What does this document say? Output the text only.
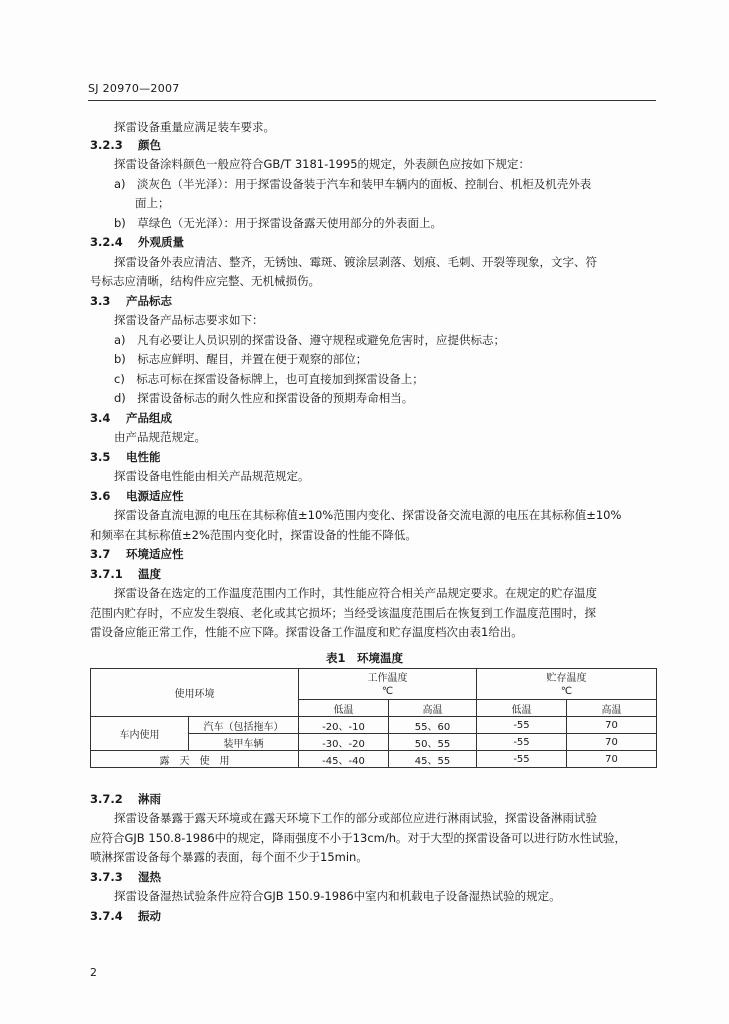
SJ 20970—2007
探雷设备重量应满足装车要求。
3.2.3 颜色
探雷设备涂料颜色一般应符合GB/T 3181-1995的规定，外表颜色应按如下规定：
a)　淡灰色（半光泽）：用于探雷设备装于汽车和装甲车辆内的面板、控制台、机柜及机壳外表
面上；
b)　草绿色（无光泽）：用于探雷设备露天使用部分的外表面上。
3.2.4 外观质量
探雷设备外表应清洁、整齐，无锈蚀、霉斑、镀涂层剥落、划痕、毛刺、开裂等现象，文字、符
号标志应清晰，结构件应完整、无机械损伤。
3.3 产品标志
探雷设备产品标志要求如下：
a)　凡有必要让人员识别的探雷设备、遵守规程或避免危害时，应提供标志；
b)　标志应鲜明、醒目，并置在便于观察的部位；
c)　标志可标在探雷设备标牌上，也可直接加到探雷设备上；
d)　探雷设备标志的耐久性应和探雷设备的预期寿命相当。
3.4 产品组成
由产品规范规定。
3.5 电性能
探雷设备电性能由相关产品规范规定。
3.6 电源适应性
探雷设备直流电源的电压在其标称值±10%范围内变化、探雷设备交流电源的电压在其标称值±10%
和频率在其标称值±2%范围内变化时，探雷设备的性能不降低。
3.7 环境适应性
3.7.1 温度
探雷设备在选定的工作温度范围内工作时，其性能应符合相关产品规定要求。在规定的贮存温度
范围内贮存时，不应发生裂痕、老化或其它损坏；当经受该温度范围后在恢复到工作温度范围时，探
雷设备应能正常工作，性能不应下降。探雷设备工作温度和贮存温度档次由表1给出。
表1　环境温度
使用环境		工作温度		贮存温度	
		℃		℃	
		低温	高温	低温	高温
车内使用	汽车（包括拖车）	-20、-10	55、60	-55	70
	装甲车辆	-30、-20	50、55	-55	70
露　天　使　用		-45、-40	45、55	-55	70
3.7.2 淋雨
探雷设备暴露于露天环境或在露天环境下工作的部分或部位应进行淋雨试验，探雷设备淋雨试验
应符合GJB 150.8-1986中的规定，降雨强度不小于13cm/h。对于大型的探雷设备可以进行防水性试验，
喷淋探雷设备每个暴露的表面，每个面不少于15min。
3.7.3 湿热
探雷设备湿热试验条件应符合GJB 150.9-1986中室内和机载电子设备湿热试验的规定。
3.7.4 振动
2
